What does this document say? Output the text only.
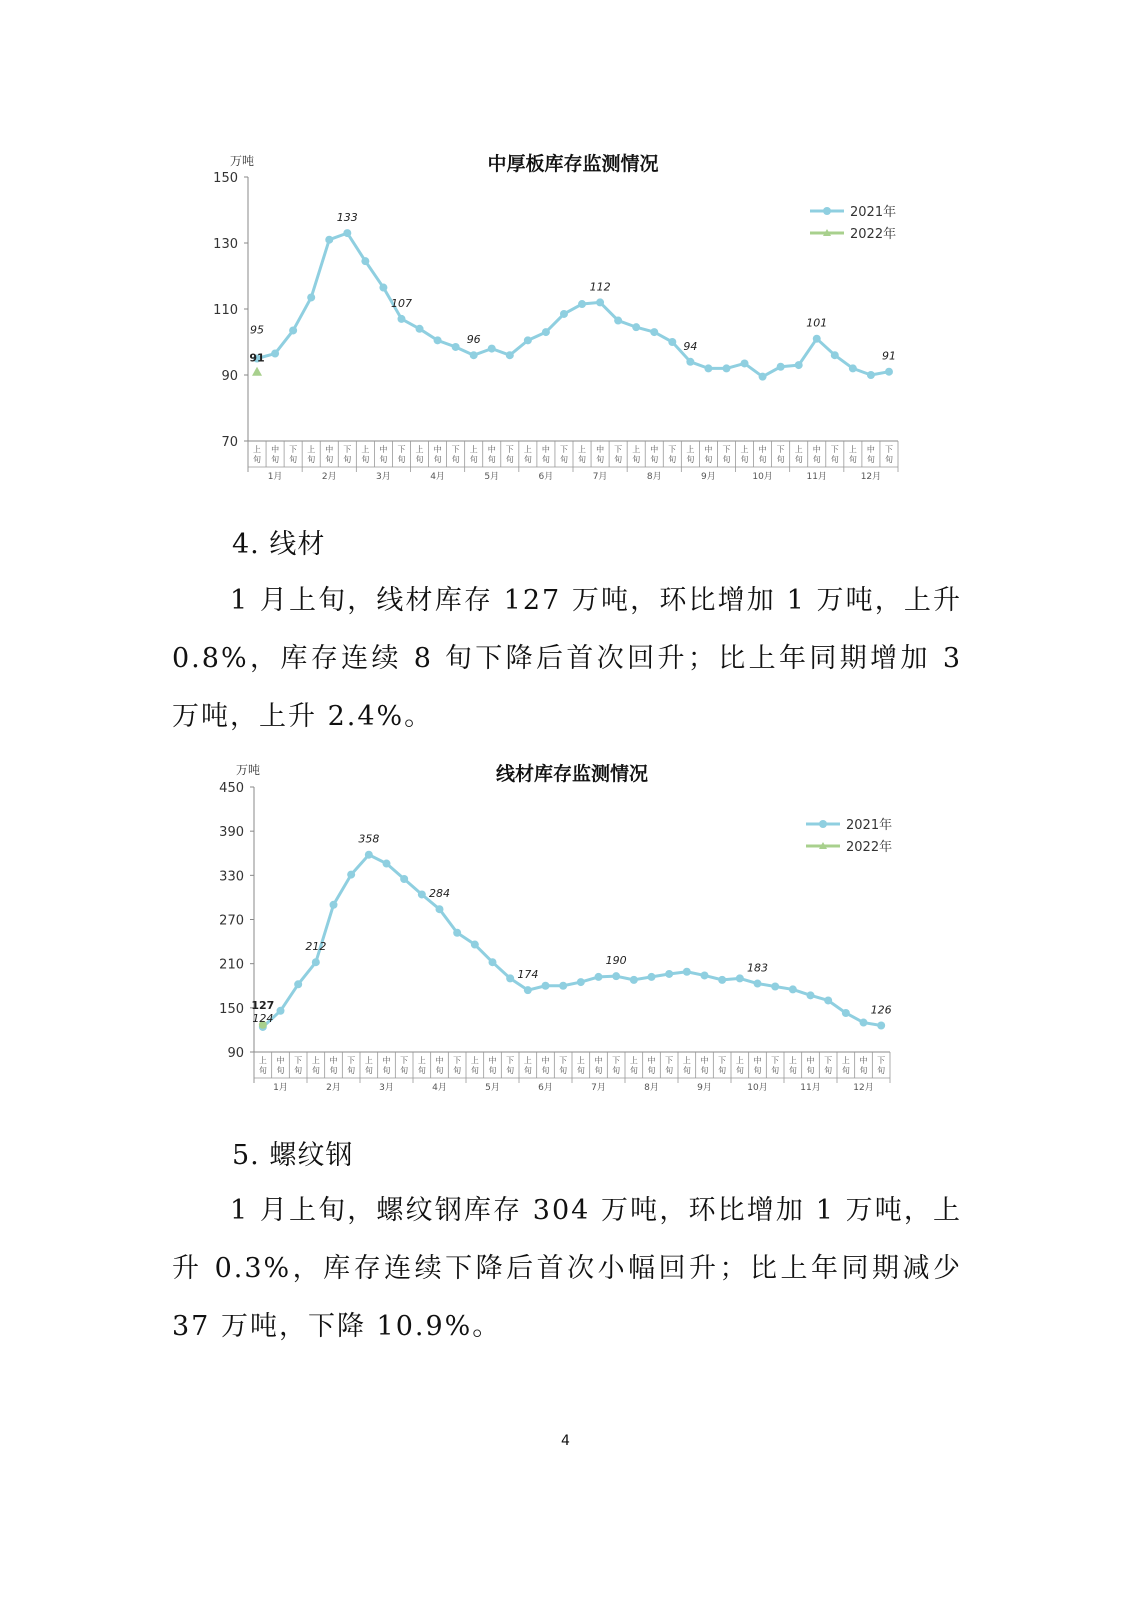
中厚板库存监测情况
万吨
70
90
110
130
150
上
旬
中
旬
下
旬
上
旬
中
旬
下
旬
上
旬
中
旬
下
旬
上
旬
中
旬
下
旬
上
旬
中
旬
下
旬
上
旬
中
旬
下
旬
上
旬
中
旬
下
旬
上
旬
中
旬
下
旬
上
旬
中
旬
下
旬
上
旬
中
旬
下
旬
上
旬
中
旬
下
旬
上
旬
中
旬
下
旬
1月	2月	3月	4月	5月	6月	7月	8月	9月	10月	11月	12月
95
133
107
96
112
94
101
91
91
2021年
2022年
4. 线材

1 月上旬，线材库存 127 万吨，环比增加 1 万吨，上升 0.8%，库存连续 8 旬下降后首次回升；比上年同期增加 3 万吨，上升 2.4%。

线材库存监测情况
万吨
90
150
210
270
330
390
450
上
旬
中
旬
下
旬
上
旬
中
旬
下
旬
上
旬
中
旬
下
旬
上
旬
中
旬
下
旬
上
旬
中
旬
下
旬
上
旬
中
旬
下
旬
上
旬
中
旬
下
旬
上
旬
中
旬
下
旬
上
旬
中
旬
下
旬
上
旬
中
旬
下
旬
上
旬
中
旬
下
旬
上
旬
中
旬
下
旬
1月	2月	3月	4月	5月	6月	7月	8月	9月	10月	11月	12月
124
212
358
284
174
190
183
126
127
2021年
2022年
5. 螺纹钢

1 月上旬，螺纹钢库存 304 万吨，环比增加 1 万吨，上升 0.3%，库存连续下降后首次小幅回升；比上年同期减少 37 万吨，下降 10.9%。

4
